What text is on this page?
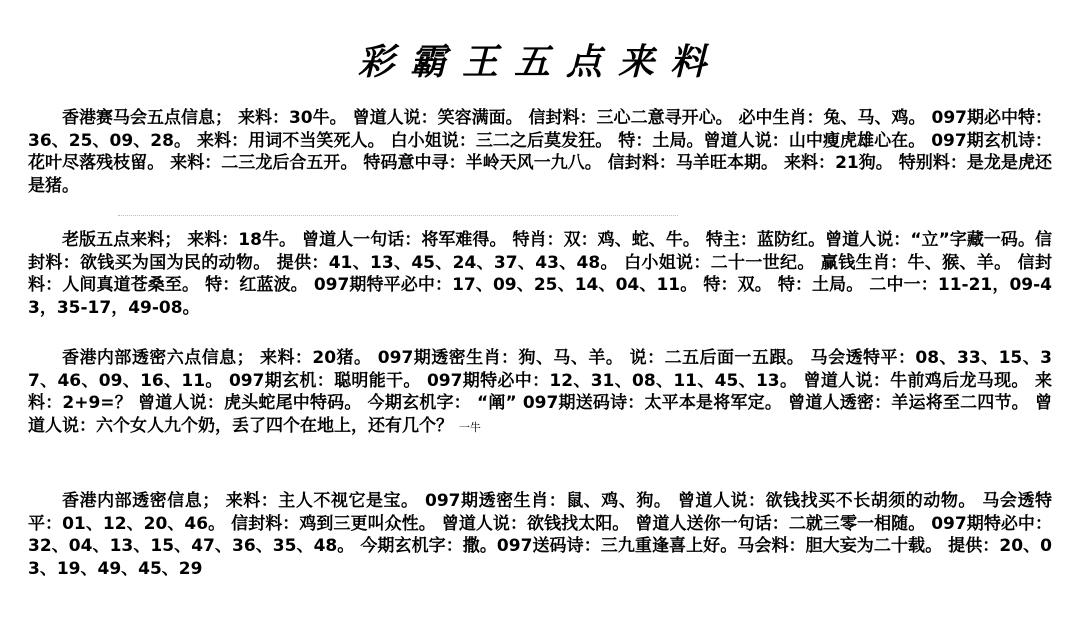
彩霸王五点来料

香港赛马会五点信息； 来料：30牛。 曾道人说：笑容满面。 信封料：三心二意寻开心。 必中生肖：兔、马、鸡。 097期必中特：36、25、09、28。 来料：用词不当笑死人。 白小姐说：三二之后莫发狂。 特：土局。曾道人说：山中瘦虎雄心在。 097期玄机诗：花叶尽落残枝留。 来料：二三龙后合五开。 特码意中寻：半岭天风一九八。 信封料：马羊旺本期。 来料：21狗。 特别料：是龙是虎还是猪。

老版五点来料； 来料：18牛。 曾道人一句话：将军难得。 特肖：双：鸡、蛇、牛。 特主：蓝防红。曾道人说：“立”字藏一码。信封料：欲钱买为国为民的动物。 提供：41、13、45、24、37、43、48。 白小姐说：二十一世纪。 赢钱生肖：牛、猴、羊。 信封料：人间真道苍桑至。 特：红蓝波。 097期特平必中：17、09、25、14、04、11。 特：双。 特：土局。 二中一：11-21，09-43，35-17，49-08。

香港内部透密六点信息； 来料：20猪。 097期透密生肖：狗、马、羊。 说：二五后面一五跟。 马会透特平：08、33、15、37、46、09、16、11。 097期玄机：聪明能干。 097期特必中：12、31、08、11、45、13。 曾道人说：牛前鸡后龙马现。 来料：2+9=？ 曾道人说：虎头蛇尾中特码。 今期玄机字： “阐” 097期送码诗：太平本是将军定。 曾道人透密：羊运将至二四节。 曾道人说：六个女人九个奶，丢了四个在地上，还有几个？ 一牛

香港内部透密信息； 来料：主人不视它是宝。 097期透密生肖：鼠、鸡、狗。 曾道人说：欲钱找买不长胡须的动物。 马会透特平：01、12、20、46。 信封料：鸡到三更叫众性。 曾道人说：欲钱找太阳。 曾道人送你一句话：二就三零一相随。 097期特必中：32、04、13、15、47、36、35、48。 今期玄机字：撒。097送码诗：三九重逢喜上好。马会料：胆大妄为二十载。 提供：20、03、19、49、45、29
